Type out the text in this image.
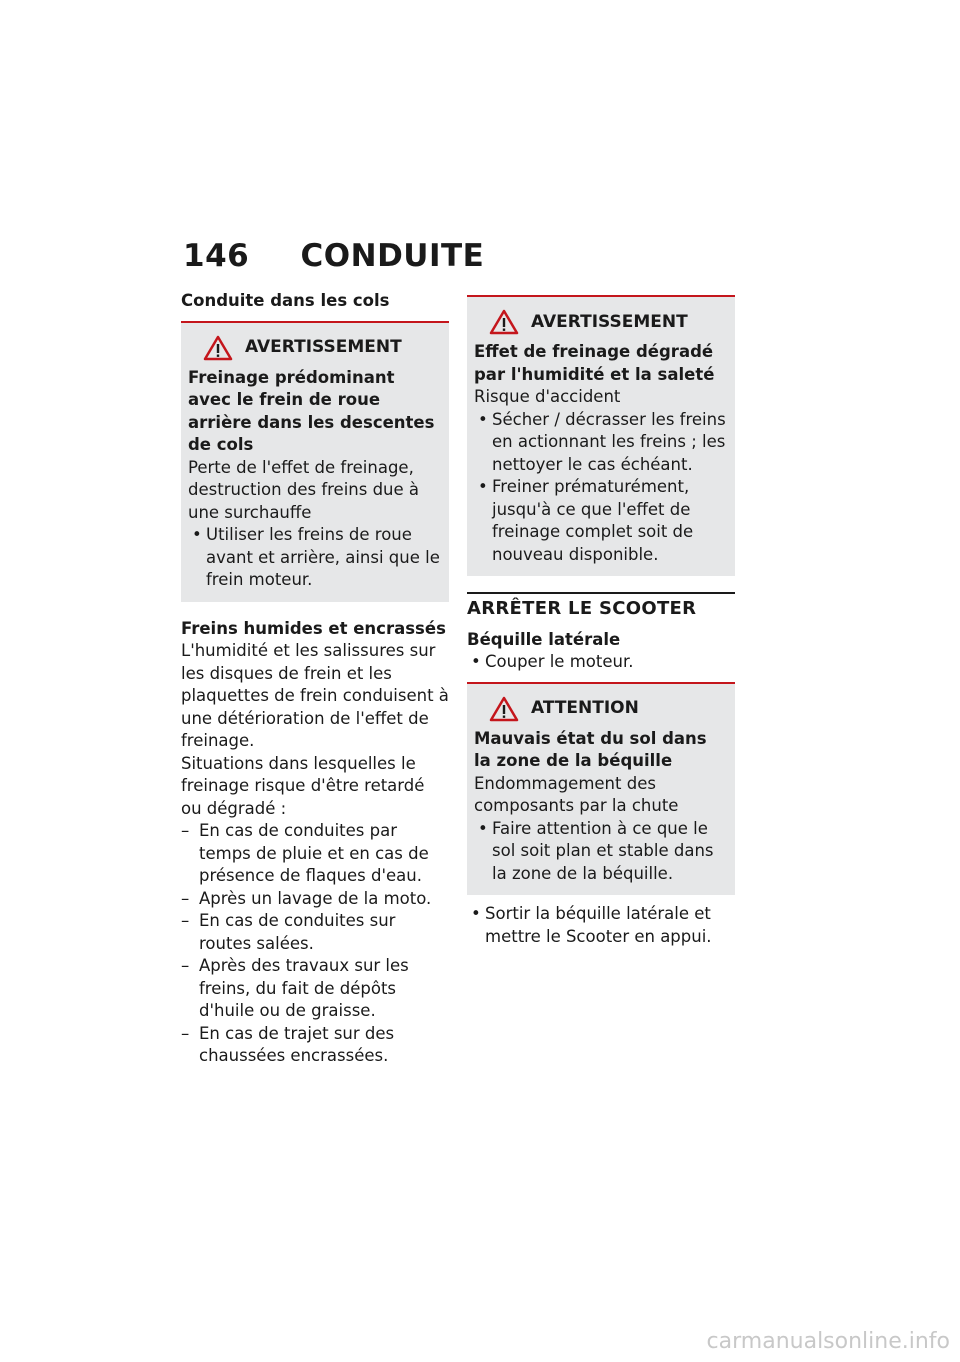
146 CONDUITE

Conduite dans les cols

AVERTISSEMENT

Freinage prédominant avec le frein de roue arrière dans les descentes de cols

Perte de l'effet de freinage, destruction des freins due à une surchauffe

• Utiliser les freins de roue avant et arrière, ainsi que le frein moteur.

Freins humides et encrassés

L'humidité et les salissures sur les disques de frein et les plaquettes de frein conduisent à une détérioration de l'effet de freinage.

Situations dans lesquelles le freinage risque d'être retardé ou dégradé :

– En cas de conduites par temps de pluie et en cas de présence de flaques d'eau.
– Après un lavage de la moto.
– En cas de conduites sur routes salées.
– Après des travaux sur les freins, du fait de dépôts d'huile ou de graisse.
– En cas de trajet sur des chaussées encrassées.
AVERTISSEMENT

Effet de freinage dégradé par l'humidité et la saleté

Risque d'accident

• Sécher / décrasser les freins en actionnant les freins ; les nettoyer le cas échéant.
• Freiner prématurément, jusqu'à ce que l'effet de freinage complet soit de nouveau disponible.

ARRÊTER LE SCOOTER

Béquille latérale

• Couper le moteur.
ATTENTION

Mauvais état du sol dans la zone de la béquille

Endommagement des composants par la chute

• Faire attention à ce que le sol soit plan et stable dans la zone de la béquille.
• Sortir la béquille latérale et mettre le Scooter en appui.
carmanualsonline.info
